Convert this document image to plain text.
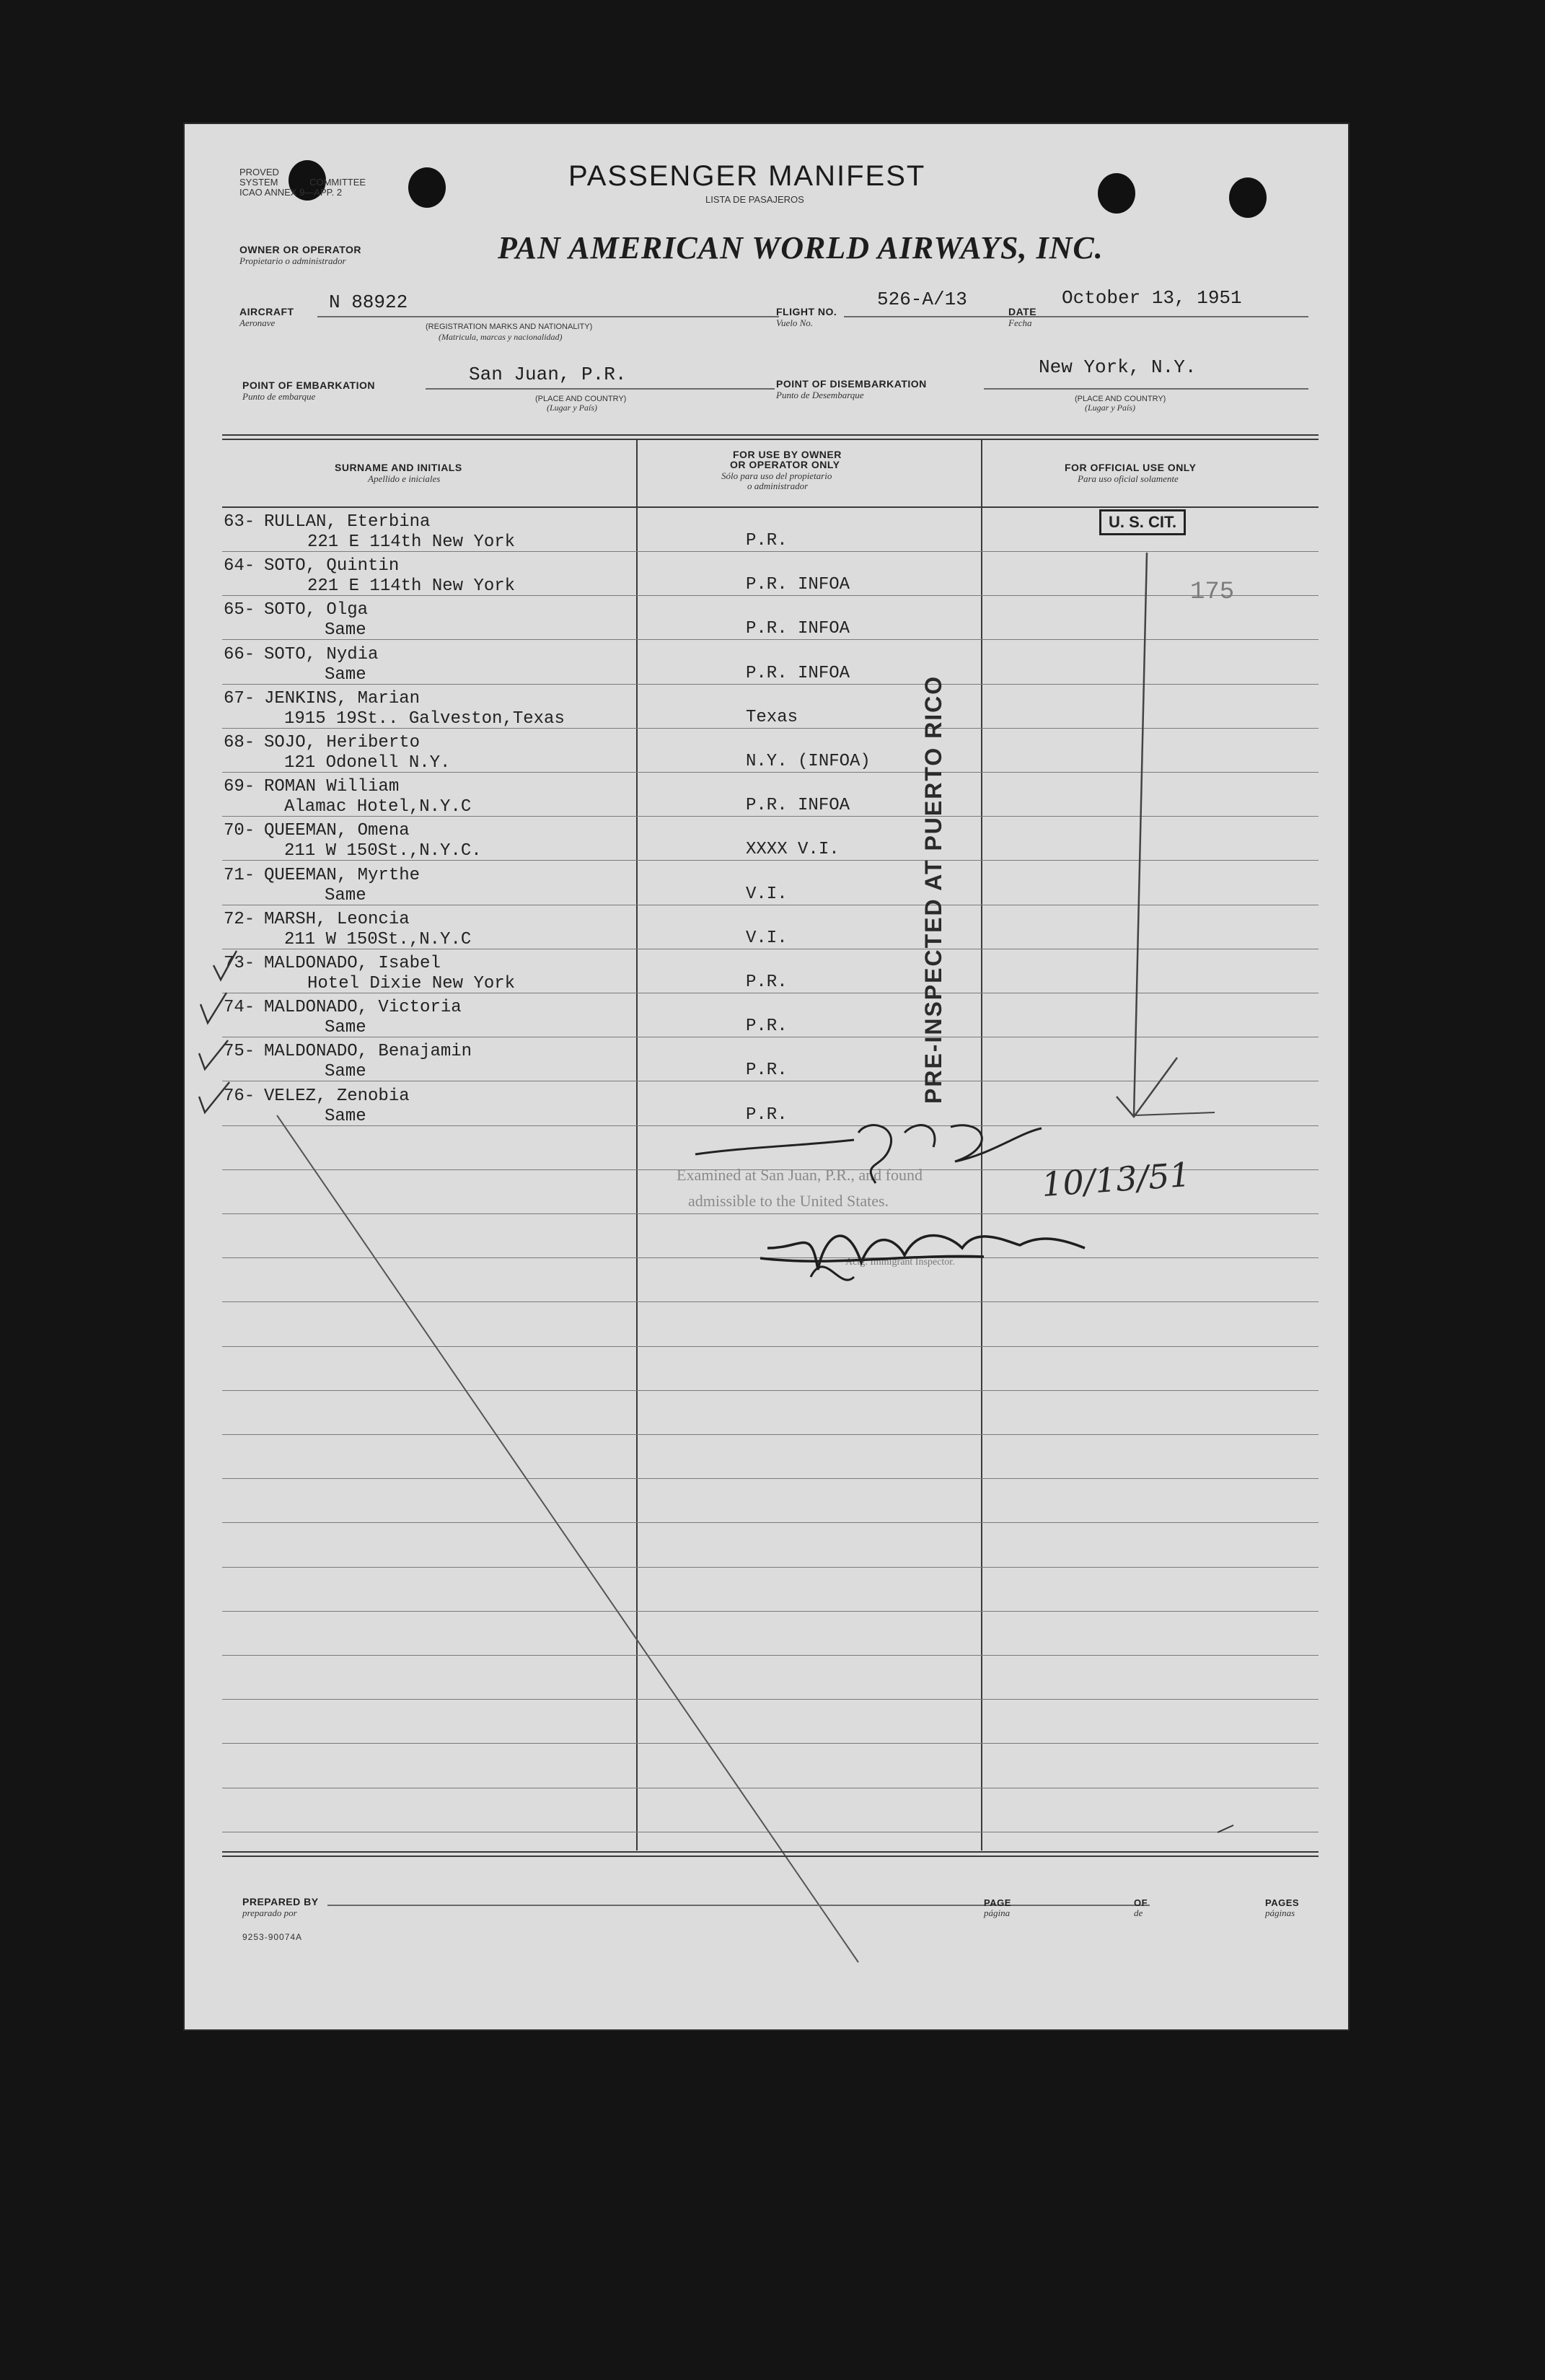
PROVED
SYSTEM	COMMITTEE
ICAO ANNEX 9—APP. 2
PASSENGER MANIFEST
LISTA DE PASAJEROS
OWNER OR OPERATOR
Propietario o administrador	PAN AMERICAN WORLD AIRWAYS, INC.
AIRCRAFT
Aeronave
N 88922
(REGISTRATION MARKS AND NATIONALITY)
(Matricula, marcas y nacionalidad)
FLIGHT NO.
Vuelo No.
526-A/13
DATE
Fecha
October 13, 1951
POINT OF EMBARKATION
Punto de embarque
San Juan, P.R.
(PLACE AND COUNTRY)
(Lugar y País)
POINT OF DISEMBARKATION
Punto de Desembarque
New York, N.Y.
(PLACE AND COUNTRY)
(Lugar y País)
SURNAME AND INITIALS
Apellido e iniciales
FOR USE BY OWNER
OR OPERATOR ONLY
Sólo para uso del propietario
o administrador
FOR OFFICIAL USE ONLY
Para uso oficial solamente
63- RULLAN, Eterbina
221 E 114th New York	P.R.
64- SOTO, Quintin
221 E 114th New York	P.R. INFOA
65- SOTO, Olga
Same	P.R. INFOA
66- SOTO, Nydia
Same	P.R. INFOA
67- JENKINS, Marian
1915 19St.. Galveston,Texas	Texas
68- SOJO, Heriberto
121 Odonell N.Y.	N.Y. (INFOA)
69- ROMAN William
Alamac Hotel,N.Y.C	P.R. INFOA
70- QUEEMAN, Omena
211 W 150St.,N.Y.C.	XXXX V.I.
71- QUEEMAN, Myrthe
Same	V.I.
72- MARSH, Leoncia
211 W 150St.,N.Y.C	V.I.
73- MALDONADO, Isabel
Hotel Dixie New York	P.R.
74- MALDONADO, Victoria
Same	P.R.
75- MALDONADO, Benajamin
Same	P.R.
76- VELEZ, Zenobia
Same	P.R.
U. S. CIT.
175
PRE-INSPECTED AT PUERTO RICO
Examined at San Juan, P.R., and found
admissible to the United States.
Actg. Immigrant Inspector.
10/13/51
PREPARED BY
preparado por
9253-90074A
PAGE
página
OF
de
PAGES
páginas
